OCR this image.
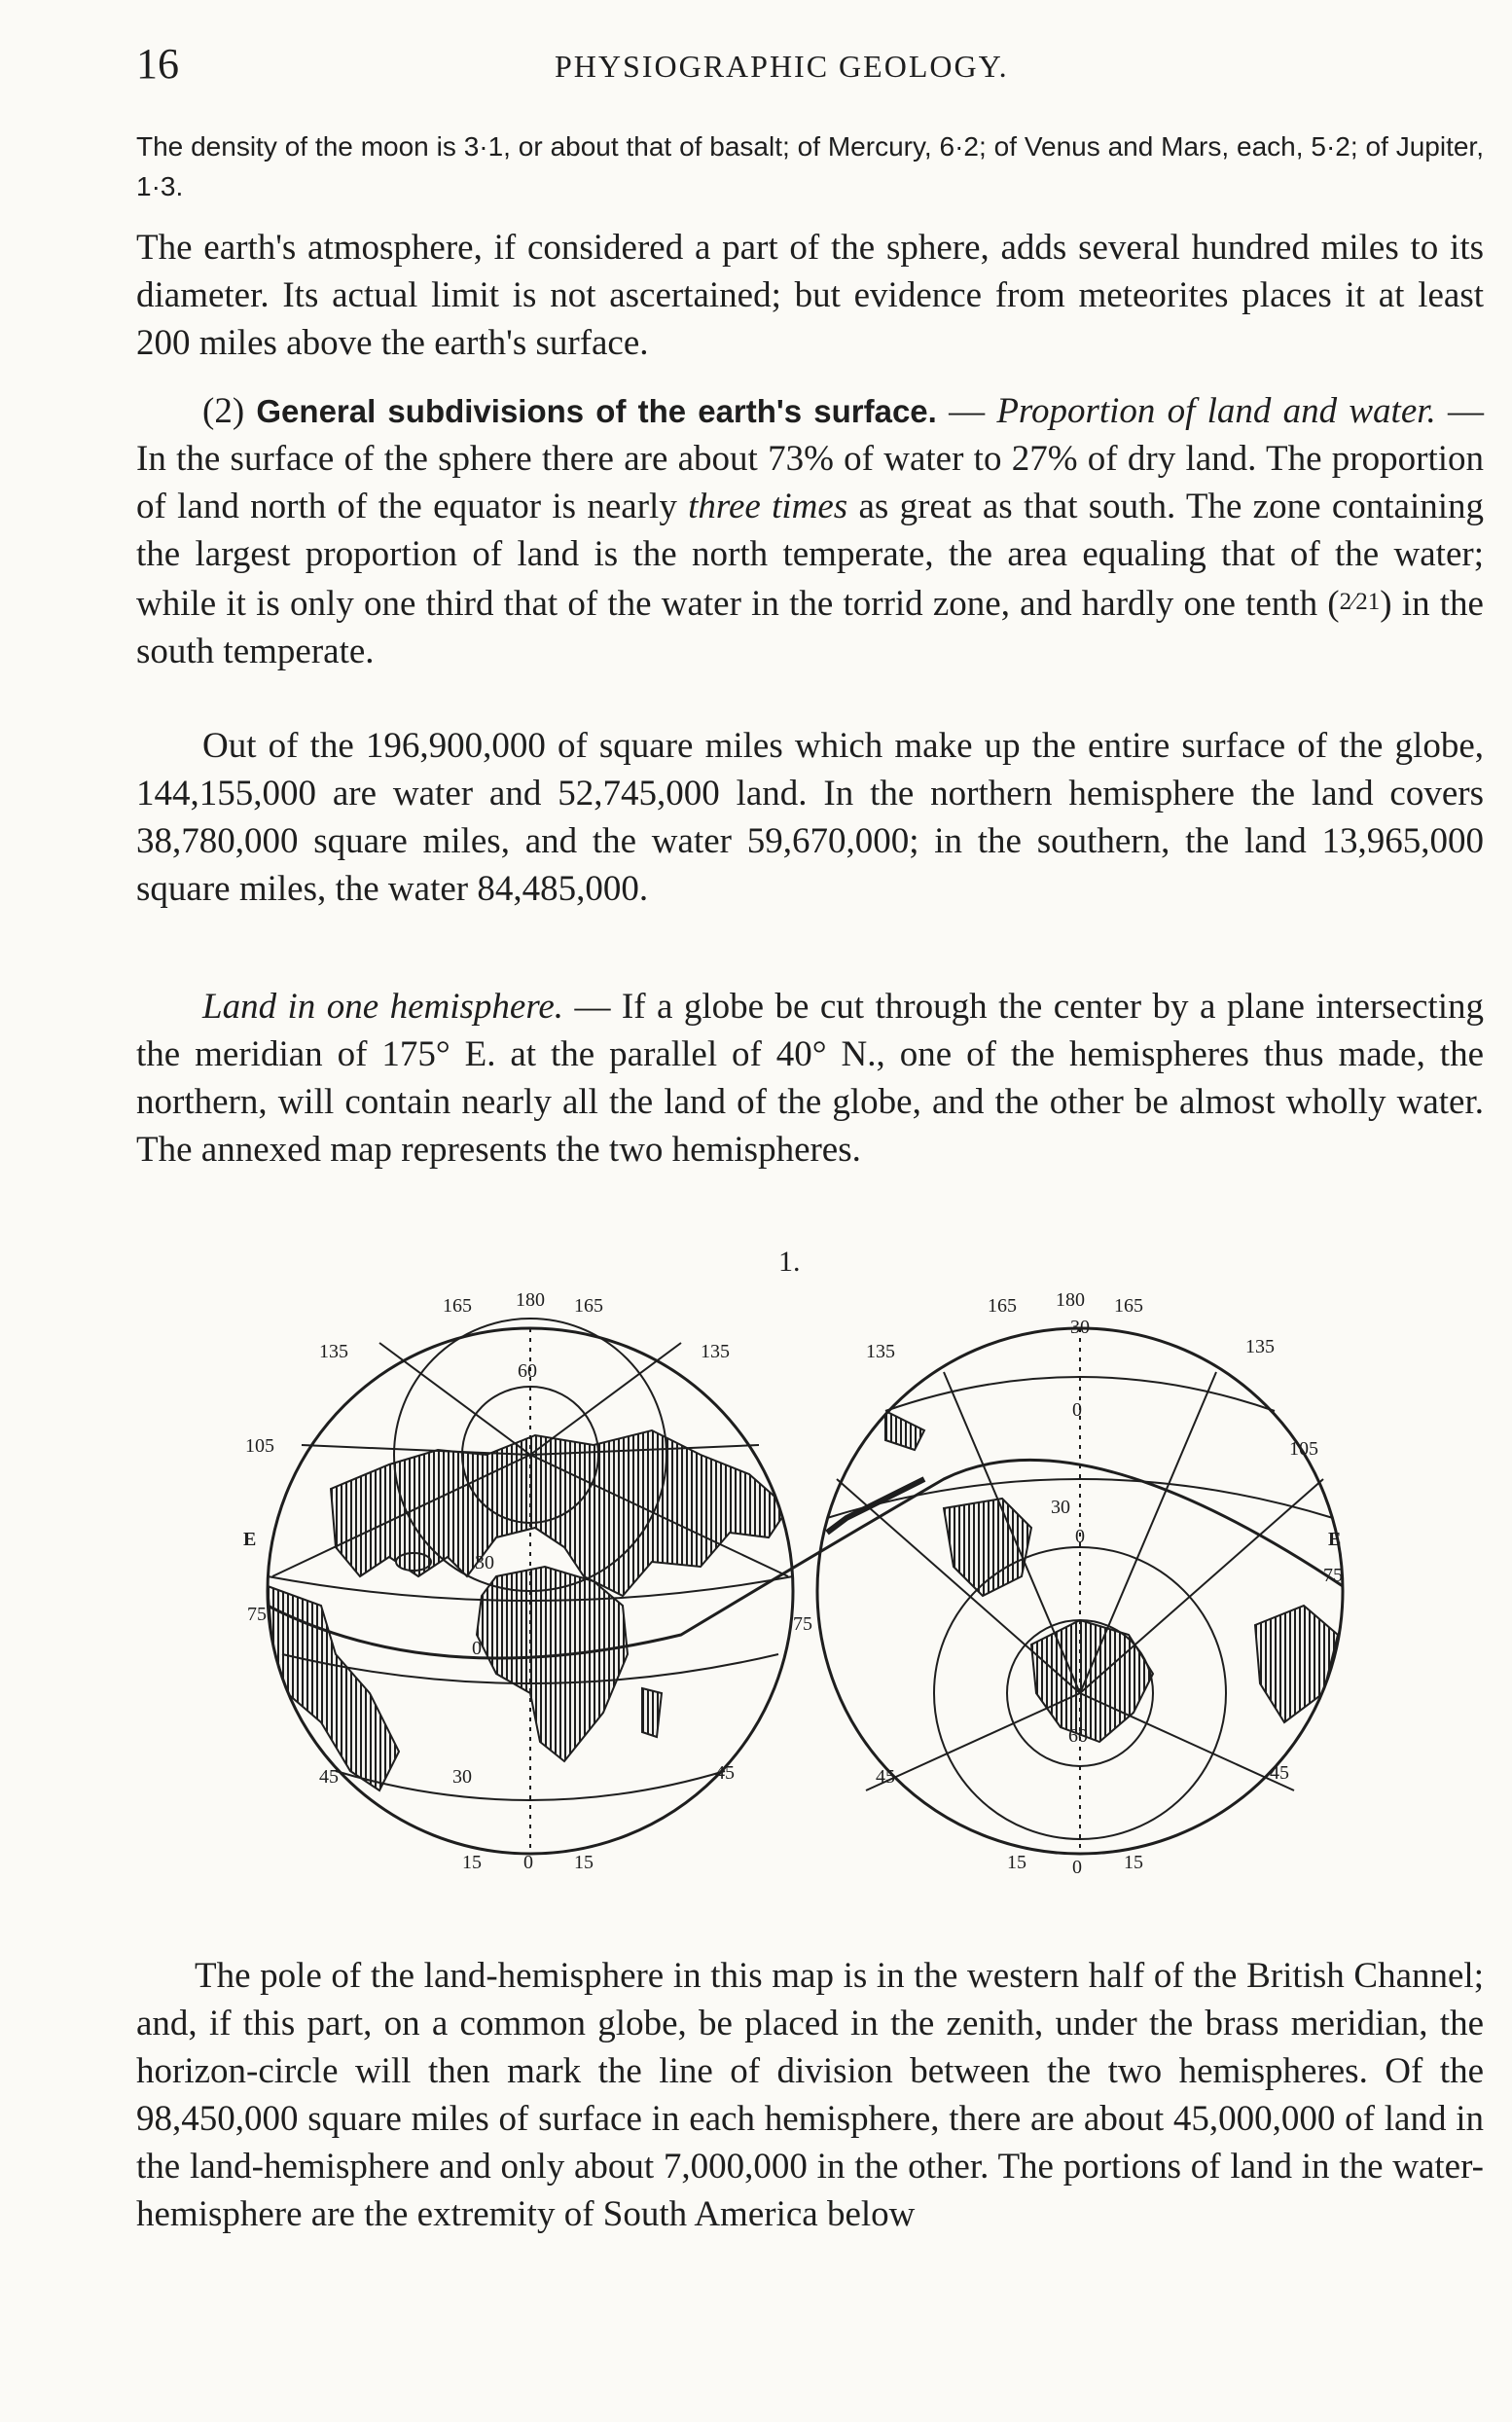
16	PHYSIOGRAPHIC GEOLOGY.

The density of the moon is 3·1, or about that of basalt; of Mercury, 6·2; of Venus and Mars, each, 5·2; of Jupiter, 1·3.

The earth's atmosphere, if considered a part of the sphere, adds several hundred miles to its diameter. Its actual limit is not ascertained; but evidence from meteorites places it at least 200 miles above the earth's surface.

(2) General subdivisions of the earth's surface. — Proportion of land and water. — In the surface of the sphere there are about 73% of water to 27% of dry land. The proportion of land north of the equator is nearly three times as great as that south. The zone containing the largest proportion of land is the north temperate, the area equaling that of the water; while it is only one third that of the water in the torrid zone, and hardly one tenth (2⁄21) in the south temperate.

Out of the 196,900,000 of square miles which make up the entire surface of the globe, 144,155,000 are water and 52,745,000 land. In the northern hemisphere the land covers 38,780,000 square miles, and the water 59,670,000; in the southern, the land 13,965,000 square miles, the water 84,485,000.

Land in one hemisphere. — If a globe be cut through the center by a plane intersecting the meridian of 175° E. at the parallel of 40° N., one of the hemispheres thus made, the northern, will contain nearly all the land of the globe, and the other be almost wholly water. The annexed map represents the two hemispheres.

1.
165 180 165
135	135
105
E
60
30
0
75
45	45
30
15 0 15
165 180 165
30
135	135
0
105
30
E
75
0
75
60
45	45
15 0 15

The pole of the land-hemisphere in this map is in the western half of the British Channel; and, if this part, on a common globe, be placed in the zenith, under the brass meridian, the horizon-circle will then mark the line of division between the two hemispheres. Of the 98,450,000 square miles of surface in each hemisphere, there are about 45,000,000 of land in the land-hemisphere and only about 7,000,000 in the other. The portions of land in the water-hemisphere are the extremity of South America below
